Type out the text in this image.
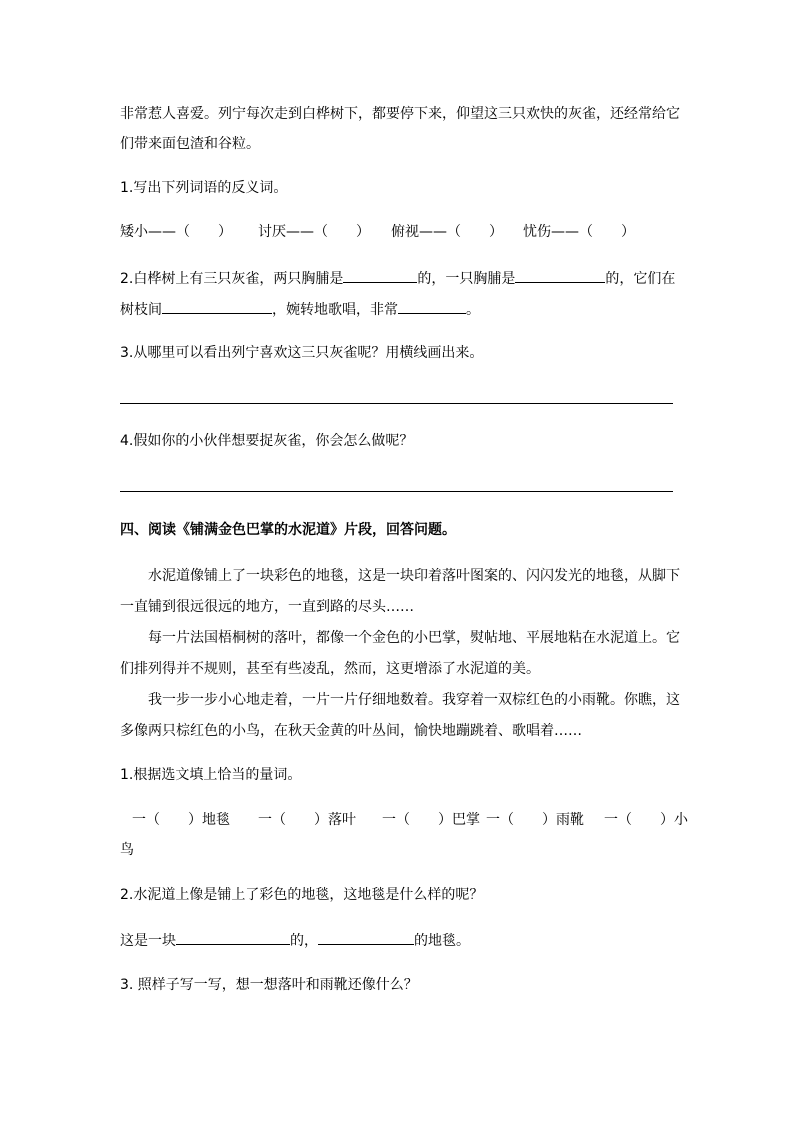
非常惹人喜爱。列宁每次走到白桦树下，都要停下来，仰望这三只欢快的灰雀，还经常给它
们带来面包渣和谷粒。
1.写出下列词语的反义词。
矮小——（　　） 讨厌——（　　） 俯视——（　　） 忧伤——（　　）
2.白桦树上有三只灰雀，两只胸脯是	的，一只胸脯是	的，它们在
树枝间	，婉转地歌唱，非常	。
3.从哪里可以看出列宁喜欢这三只灰雀呢？用横线画出来。
4.假如你的小伙伴想要捉灰雀，你会怎么做呢？
四、阅读《铺满金色巴掌的水泥道》片段，回答问题。
水泥道像铺上了一块彩色的地毯，这是一块印着落叶图案的、闪闪发光的地毯，从脚下
一直铺到很远很远的地方，一直到路的尽头……
每一片法国梧桐树的落叶，都像一个金色的小巴掌，熨帖地、平展地粘在水泥道上。它
们排列得并不规则，甚至有些凌乱，然而，这更增添了水泥道的美。
我一步一步小心地走着，一片一片仔细地数着。我穿着一双棕红色的小雨靴。你瞧，这
多像两只棕红色的小鸟，在秋天金黄的叶丛间，愉快地蹦跳着、歌唱着……
1.根据选文填上恰当的量词。
一（　　）地毯 一（　　）落叶 一（　　）巴掌 一（　　）雨靴 一（　　）小
鸟
2.水泥道上像是铺上了彩色的地毯，这地毯是什么样的呢？
这是一块	的，	的地毯。
3. 照样子写一写，想一想落叶和雨靴还像什么？
